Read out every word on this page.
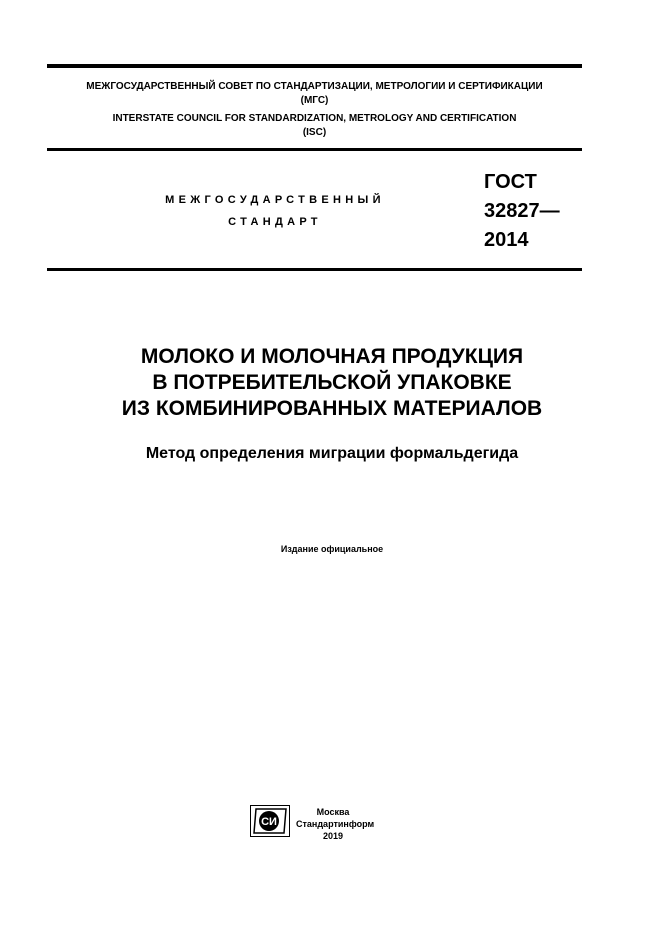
МЕЖГОСУДАРСТВЕННЫЙ СОВЕТ ПО СТАНДАРТИЗАЦИИ, МЕТРОЛОГИИ И СЕРТИФИКАЦИИ
(МГС)
INTERSTATE COUNCIL FOR STANDARDIZATION, METROLOGY AND CERTIFICATION
(ISC)
МЕЖГОСУДАРСТВЕННЫЙ
СТАНДАРТ
ГОСТ
32827—
2014
МОЛОКО И МОЛОЧНАЯ ПРОДУКЦИЯ
В ПОТРЕБИТЕЛЬСКОЙ УПАКОВКЕ
ИЗ КОМБИНИРОВАННЫХ МАТЕРИАЛОВ
Метод определения миграции формальдегида
Издание официальное
СИ
Москва
Стандартинформ
2019
